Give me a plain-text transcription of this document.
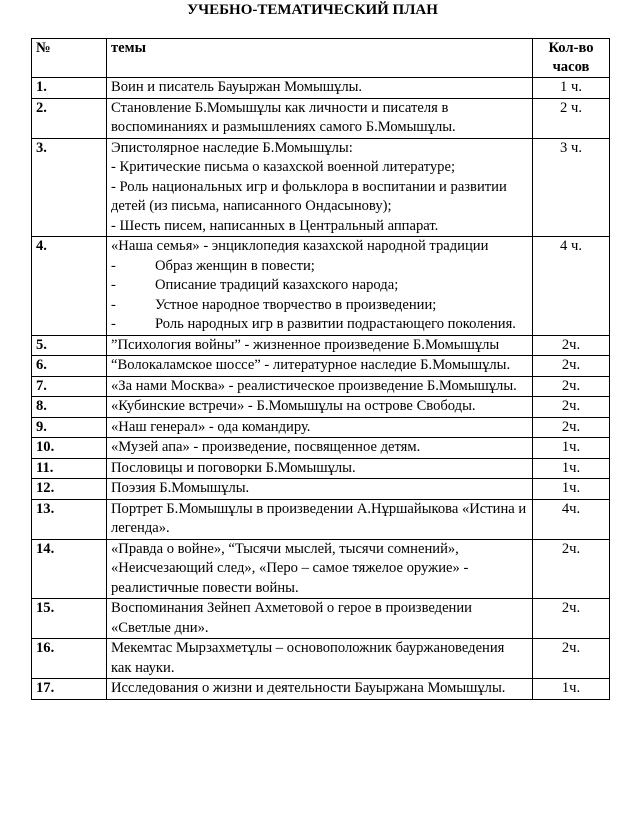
УЧЕБНО-ТЕМАТИЧЕСКИЙ ПЛАН
№	темы	Кол-во
часов

1.	Воин и писатель Бауыржан Момышұлы.	1 ч.
2.	Становление Б.Момышұлы как личности и писателя в воспоминаниях и размышлениях самого Б.Момышұлы.	2 ч.
3.	Эпистолярное наследие Б.Момышұлы:
- Критические письма о казахской военной литературе;
- Роль национальных игр и фольклора в воспитании и развитии детей (из письма, написанного Ондасынову);
- Шесть писем, написанных в Центральный аппарат.	3 ч.
4.	«Наша семья» - энциклопедия казахской народной традиции
- Образ женщин в повести;
- Описание традиций казахского народа;
- Устное народное творчество в произведении;
- Роль народных игр в развитии подрастающего поколения.	4 ч.
5.	”Психология войны” - жизненное произведение Б.Момышұлы	2ч.
6.	“Волокаламское шоссе” - литературное наследие Б.Момышұлы.	2ч.
7.	«За нами Москва» - реалистическое произведение Б.Момышұлы.	2ч.
8.	«Кубинские встречи» - Б.Момышұлы на острове Свободы.	2ч.
9.	«Наш генерал» - ода командиру.	2ч.
10.	«Музей апа» - произведение, посвященное детям.	1ч.
11.	Пословицы и поговорки Б.Момышұлы.	1ч.
12.	Поэзия Б.Момышұлы.	1ч.
13.	Портрет Б.Момышұлы в произведении А.Нұршайыкова «Истина и легенда».	4ч.
14.	«Правда о войне», “Тысячи мыслей, тысячи сомнений», «Неисчезающий след», «Перо – самое тяжелое оружие» - реалистичные повести войны.	2ч.
15.	Воспоминания Зейнеп Ахметовой о герое в произведении «Светлые дни».	2ч.
16.	Мекемтас Мырзахметұлы – основоположник бауржановедения как науки.	2ч.
17.	Исследования о жизни и деятельности Бауыржана Момышұлы.	1ч.
